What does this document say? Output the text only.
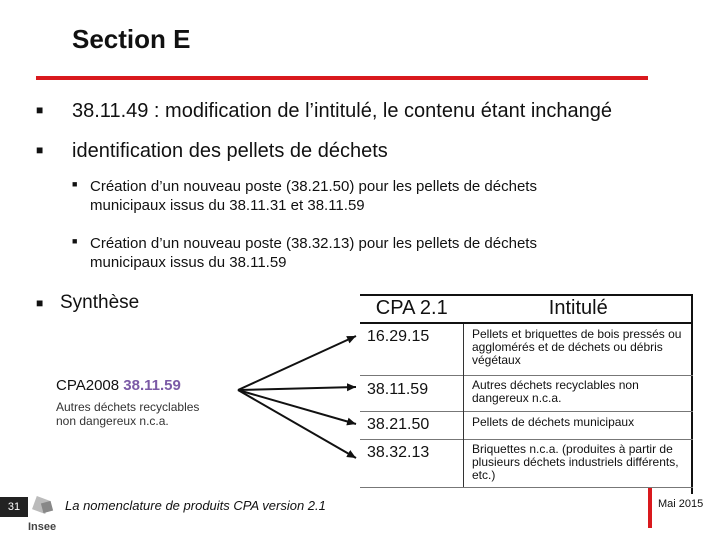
Section E
■ 38.11.49 : modification de l’intitulé, le contenu étant inchangé
■ identification des pellets de déchets
■ Création d’un nouveau poste (38.21.50) pour les pellets de déchets
municipaux issus du 38.11.31 et 38.11.59
■ Création d’un nouveau poste (38.32.13) pour les pellets de déchets
municipaux issus du 38.11.59
■ Synthèse
CPA2008 38.11.59
Autres déchets recyclables
non dangereux n.c.a.
CPA 2.1	Intitulé
16.29.15	Pellets et briquettes de bois pressés ou agglomérés et de déchets ou débris végétaux
38.11.59	Autres déchets recyclables non dangereux n.c.a.
38.21.50	Pellets de déchets municipaux
38.32.13	Briquettes n.c.a. (produites à partir de plusieurs déchets industriels différents, etc.)
31
Insee
La nomenclature de produits CPA version 2.1	Mai 2015
